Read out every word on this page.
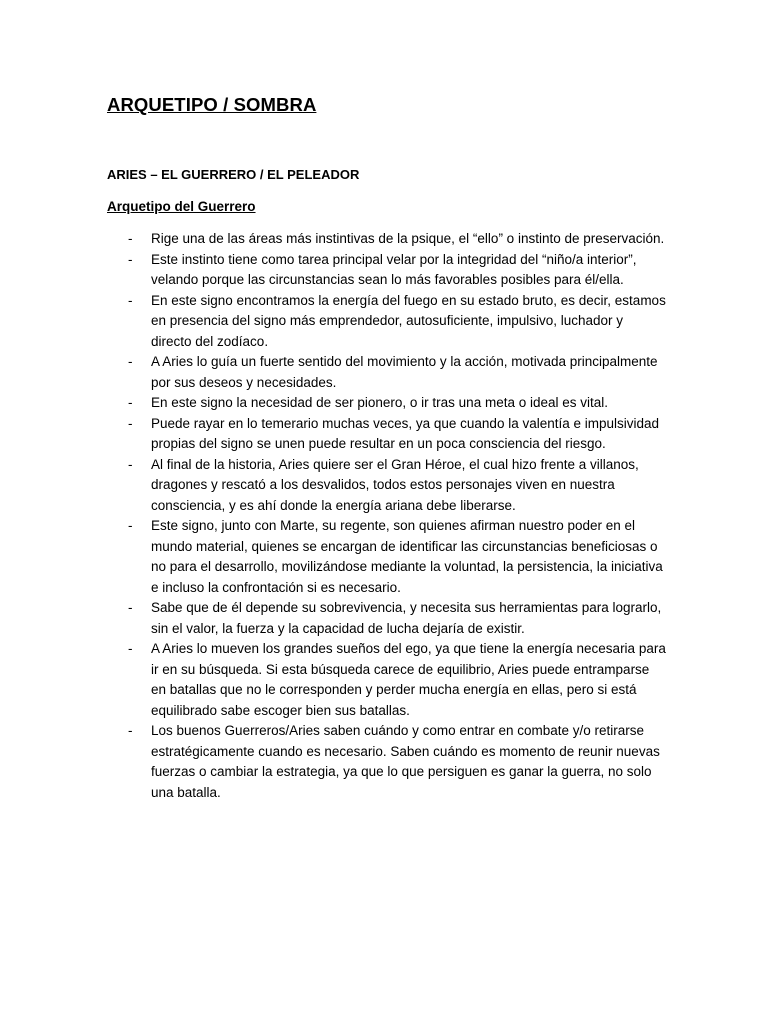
ARQUETIPO / SOMBRA
ARIES – EL GUERRERO / EL PELEADOR
Arquetipo del Guerrero
- Rige una de las áreas más instintivas de la psique, el “ello” o instinto de preservación.
- Este instinto tiene como tarea principal velar por la integridad del “niño/a interior”, velando porque las circunstancias sean lo más favorables posibles para él/ella.
- En este signo encontramos la energía del fuego en su estado bruto, es decir, estamos en presencia del signo más emprendedor, autosuficiente, impulsivo, luchador y directo del zodíaco.
- A Aries lo guía un fuerte sentido del movimiento y la acción, motivada principalmente por sus deseos y necesidades.
- En este signo la necesidad de ser pionero, o ir tras una meta o ideal es vital.
- Puede rayar en lo temerario muchas veces, ya que cuando la valentía e impulsividad propias del signo se unen puede resultar en un poca consciencia del riesgo.
- Al final de la historia, Aries quiere ser el Gran Héroe, el cual hizo frente a villanos, dragones y rescató a los desvalidos, todos estos personajes viven en nuestra consciencia, y es ahí donde la energía ariana debe liberarse.
- Este signo, junto con Marte, su regente, son quienes afirman nuestro poder en el mundo material, quienes se encargan de identificar las circunstancias beneficiosas o no para el desarrollo, movilizándose mediante la voluntad, la persistencia, la iniciativa e incluso la confrontación si es necesario.
- Sabe que de él depende su sobrevivencia, y necesita sus herramientas para lograrlo, sin el valor, la fuerza y la capacidad de lucha dejaría de existir.
- A Aries lo mueven los grandes sueños del ego, ya que tiene la energía necesaria para ir en su búsqueda. Si esta búsqueda carece de equilibrio, Aries puede entramparse en batallas que no le corresponden y perder mucha energía en ellas, pero si está equilibrado sabe escoger bien sus batallas.
- Los buenos Guerreros/Aries saben cuándo y como entrar en combate y/o retirarse estratégicamente cuando es necesario. Saben cuándo es momento de reunir nuevas fuerzas o cambiar la estrategia, ya que lo que persiguen es ganar la guerra, no solo una batalla.
